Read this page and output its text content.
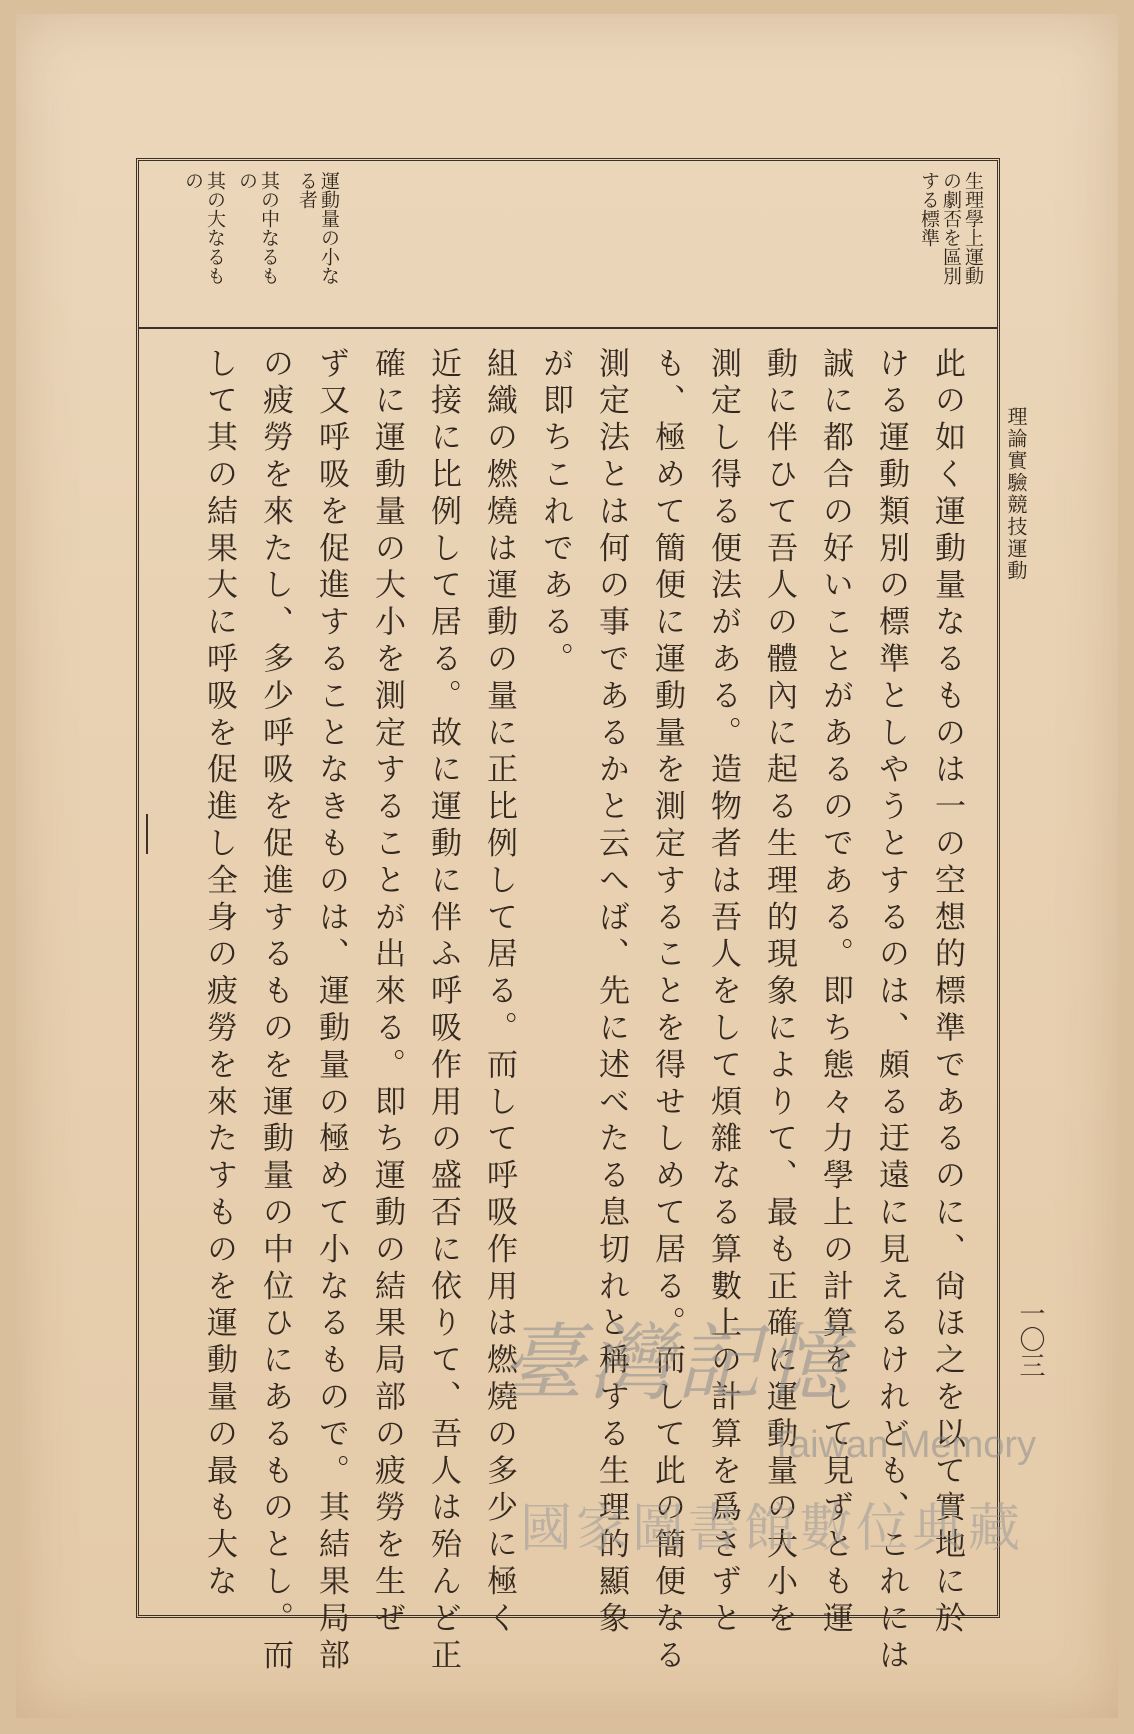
理論實驗競技運動
一〇三
生理學上運動
の劇否を區別
する標準
運動量の小な
る者
其の中なるも
の
其の大なるも
の
此の如く運動量なるものは一の空想的標準であるのに、尙ほ之を以て實地に於
ける運動類別の標準としやうとするのは、頗る迂遠に見えるけれども、これには
誠に都合の好いことがあるのである。即ち態々力學上の計算をして見ずとも運
動に伴ひて吾人の體內に起る生理的現象によりて、最も正確に運動量の大小を
測定し得る便法がある。造物者は吾人をして煩雜なる算數上の計算を爲さずと
も、極めて簡便に運動量を測定することを得せしめて居る。而して此の簡便なる
測定法とは何の事であるかと云へば、先に述べたる息切れと稱する生理的顯象
が即ちこれである。
組織の燃燒は運動の量に正比例して居る。而して呼吸作用は燃燒の多少に極く
近接に比例して居る。故に運動に伴ふ呼吸作用の盛否に依りて、吾人は殆んど正
確に運動量の大小を測定することが出來る。即ち運動の結果局部の疲勞を生ぜ
ず又呼吸を促進することなきものは、運動量の極めて小なるもので。其結果局部
の疲勞を來たし、多少呼吸を促進するものを運動量の中位ひにあるものとし。而
して其の結果大に呼吸を促進し全身の疲勞を來たすものを運動量の最も大な	臺灣記憶
Taiwan Memory
國家圖書館數位典藏
